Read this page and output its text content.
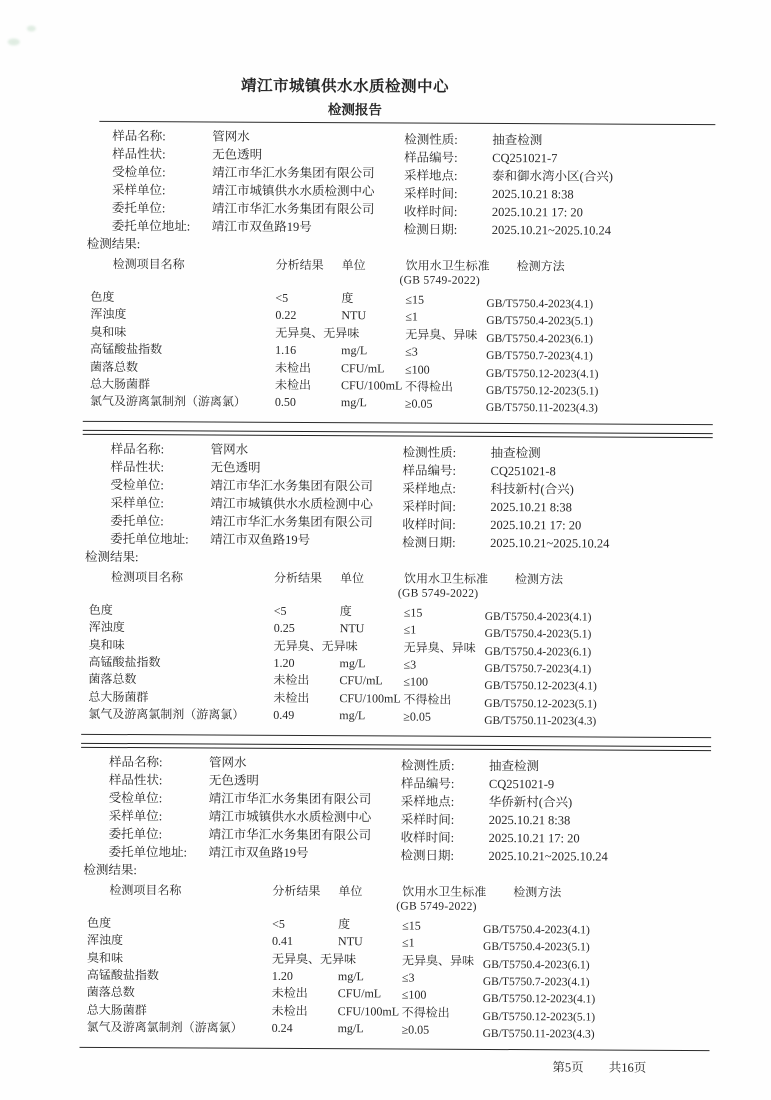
靖江市城镇供水水质检测中心
检测报告
样品名称:	管网水	检测性质:	抽查检测
样品性状:	无色透明	样品编号:	CQ251021-7
受检单位:	靖江市华汇水务集团有限公司	采样地点:	泰和御水湾小区(合兴)
采样单位:	靖江市城镇供水水质检测中心	采样时间:	2025.10.21 8:38
委托单位:	靖江市华汇水务集团有限公司	收样时间:	2025.10.21 17: 20
委托单位地址:	靖江市双鱼路19号	检测日期:	2025.10.21~2025.10.24
检测结果:
检测项目名称	分析结果	单位	饮用水卫生标准
(GB 5749-2022)
检测方法
色度	<5	度	≤15	GB/T5750.4-2023(4.1)
浑浊度	0.22	NTU	≤1	GB/T5750.4-2023(5.1)
臭和味	无异臭、无异味	无异臭、异味 GB/T5750.4-2023(6.1)
高锰酸盐指数	1.16	mg/L	≤3	GB/T5750.7-2023(4.1)
菌落总数	未检出	CFU/mL	≤100	GB/T5750.12-2023(4.1)
总大肠菌群	未检出	CFU/100mL 不得检出	GB/T5750.12-2023(5.1)
氯气及游离氯制剂（游离氯）	0.50	mg/L	≥0.05	GB/T5750.11-2023(4.3)
样品名称:	管网水	检测性质:	抽查检测
样品性状:	无色透明	样品编号:	CQ251021-8
受检单位:	靖江市华汇水务集团有限公司	采样地点:	科技新村(合兴)
采样单位:	靖江市城镇供水水质检测中心	采样时间:	2025.10.21 8:38
委托单位:	靖江市华汇水务集团有限公司	收样时间:	2025.10.21 17: 20
委托单位地址:	靖江市双鱼路19号	检测日期:	2025.10.21~2025.10.24
检测结果:
检测项目名称	分析结果	单位	饮用水卫生标准
(GB 5749-2022)
检测方法
色度	<5	度	≤15	GB/T5750.4-2023(4.1)
浑浊度	0.25	NTU	≤1	GB/T5750.4-2023(5.1)
臭和味	无异臭、无异味	无异臭、异味 GB/T5750.4-2023(6.1)
高锰酸盐指数	1.20	mg/L	≤3	GB/T5750.7-2023(4.1)
菌落总数	未检出	CFU/mL	≤100	GB/T5750.12-2023(4.1)
总大肠菌群	未检出	CFU/100mL 不得检出	GB/T5750.12-2023(5.1)
氯气及游离氯制剂（游离氯）	0.49	mg/L	≥0.05	GB/T5750.11-2023(4.3)
样品名称:	管网水	检测性质:	抽查检测
样品性状:	无色透明	样品编号:	CQ251021-9
受检单位:	靖江市华汇水务集团有限公司	采样地点:	华侨新村(合兴)
采样单位:	靖江市城镇供水水质检测中心	采样时间:	2025.10.21 8:38
委托单位:	靖江市华汇水务集团有限公司	收样时间:	2025.10.21 17: 20
委托单位地址:	靖江市双鱼路19号	检测日期:	2025.10.21~2025.10.24
检测结果:
检测项目名称	分析结果	单位	饮用水卫生标准
(GB 5749-2022)
检测方法
色度	<5	度	≤15	GB/T5750.4-2023(4.1)
浑浊度	0.41	NTU	≤1	GB/T5750.4-2023(5.1)
臭和味	无异臭、无异味	无异臭、异味 GB/T5750.4-2023(6.1)
高锰酸盐指数	1.20	mg/L	≤3	GB/T5750.7-2023(4.1)
菌落总数	未检出	CFU/mL	≤100	GB/T5750.12-2023(4.1)
总大肠菌群	未检出	CFU/100mL 不得检出	GB/T5750.12-2023(5.1)
氯气及游离氯制剂（游离氯）	0.24	mg/L	≥0.05	GB/T5750.11-2023(4.3)
第5页 共16页
